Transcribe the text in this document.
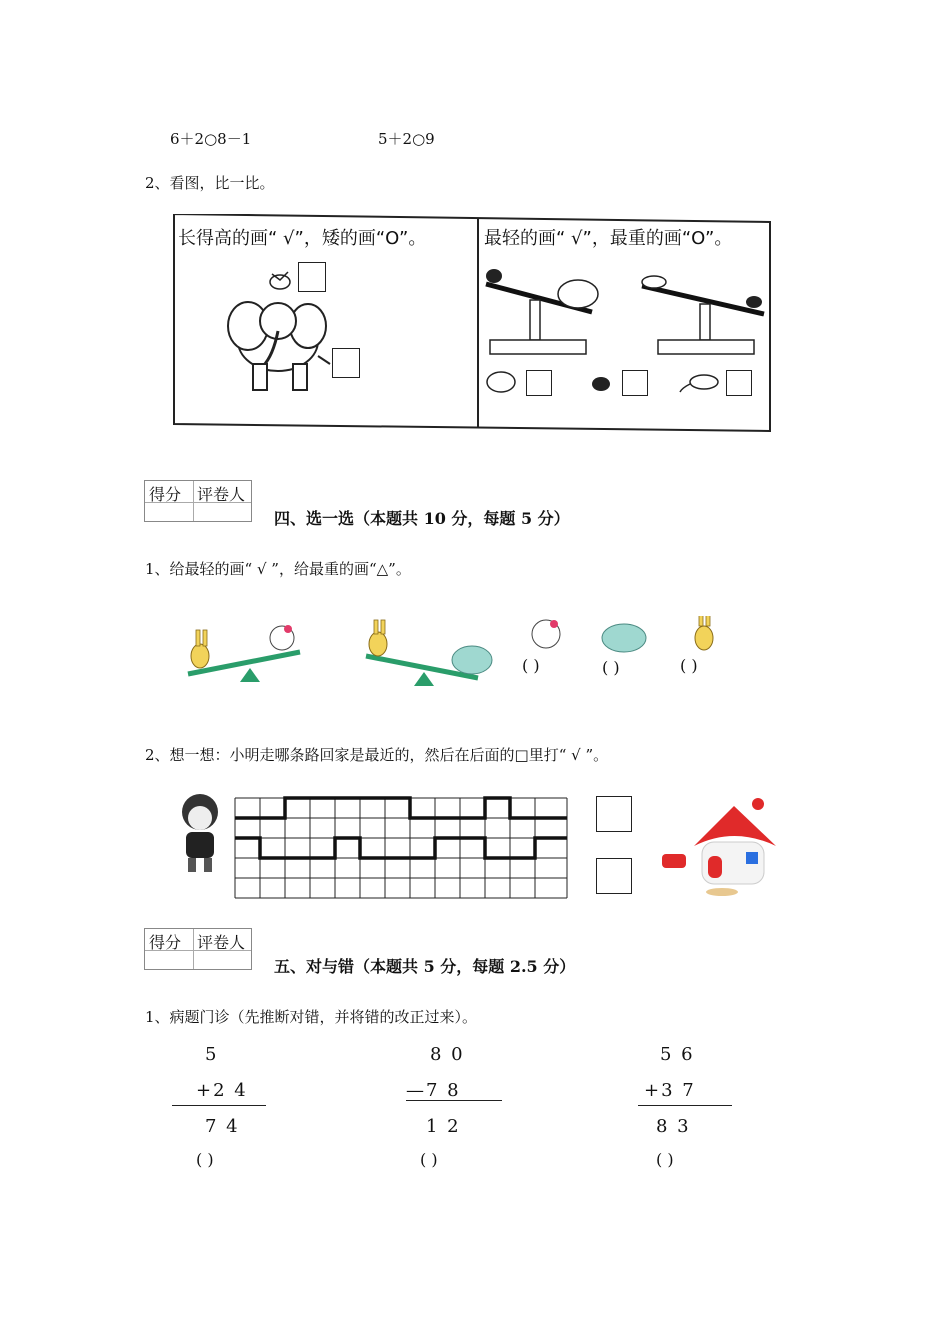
6＋2○8－1	5＋2○9
2、看图，比一比。
长得高的画“ √”，矮的画“O”。	最轻的画“ √”，最重的画“O”。
得分 评卷人
四、选一选（本题共 10 分，每题 5 分）
1、给最轻的画“ √ ”，给最重的画“△”。
( )	( )	( )
2、想一想：小明走哪条路回家是最近的，然后在后面的□里打“ √ ”。
得分 评卷人
五、对与错（本题共 5 分，每题 2.5 分）
1、病题门诊（先推断对错，并将错的改正过来）。
5
+2 4
7 4
( )
8 0
—7 8
1 2
( )
5 6
+3 7
8 3
( )
